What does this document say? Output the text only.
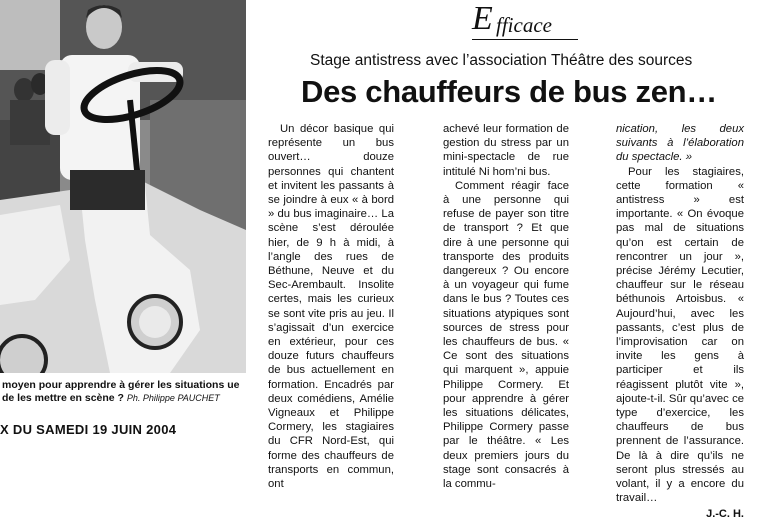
moyen pour apprendre à gérer les situations ue de les mettre en scène ? Ph. Philippe PAUCHET
X DU SAMEDI 19 JUIN 2004
E fficace
Stage antistress avec l’association Théâtre des sources
Des chauffeurs de bus zen…

Un décor basique qui représente un bus ouvert… douze personnes qui chantent et invitent les passants à se joindre à eux « à bord » du bus imaginaire… La scène s’est déroulée hier, de 9 h à midi, à l’angle des rues de Béthune, Neuve et du Sec-Arembault. Insolite certes, mais les curieux se sont vite pris au jeu. Il s’agissait d’un exercice en extérieur, pour ces douze futurs chauffeurs de bus actuellement en formation. Encadrés par deux comédiens, Amélie Vigneaux et Philippe Cormery, les stagiaires du CFR Nord-Est, qui forme des chauffeurs de transports en commun, ont

achevé leur formation de gestion du stress par un mini-spectacle de rue intitulé Ni hom’ni bus.

Comment réagir face à une personne qui refuse de payer son titre de transport ? Et que dire à une personne qui transporte des produits dangereux ? Ou encore à un voyageur qui fume dans le bus ? Toutes ces situations atypiques sont sources de stress pour les chauffeurs de bus. « Ce sont des situations qui marquent », appuie Philippe Cormery. Et pour apprendre à gérer les situations délicates, Philippe Cormery passe par le théâtre. « Les deux premiers jours du stage sont consacrés à la commu-

nication, les deux suivants à l’élaboration du spectacle. »

Pour les stagiaires, cette formation « antistress » est importante. « On évoque pas mal de situations qu’on est certain de rencontrer un jour », précise Jérémy Lecutier, chauffeur sur le réseau béthunois Artoisbus. « Aujourd’hui, avec les passants, c’est plus de l’improvisation car on invite les gens à participer et ils réagissent plutôt vite », ajoute-t-il. Sûr qu’avec ce type d’exercice, les chauffeurs de bus prennent de l’assurance. De là à dire qu’ils ne seront plus stressés au volant, il y a encore du travail…

J.-C. H.
